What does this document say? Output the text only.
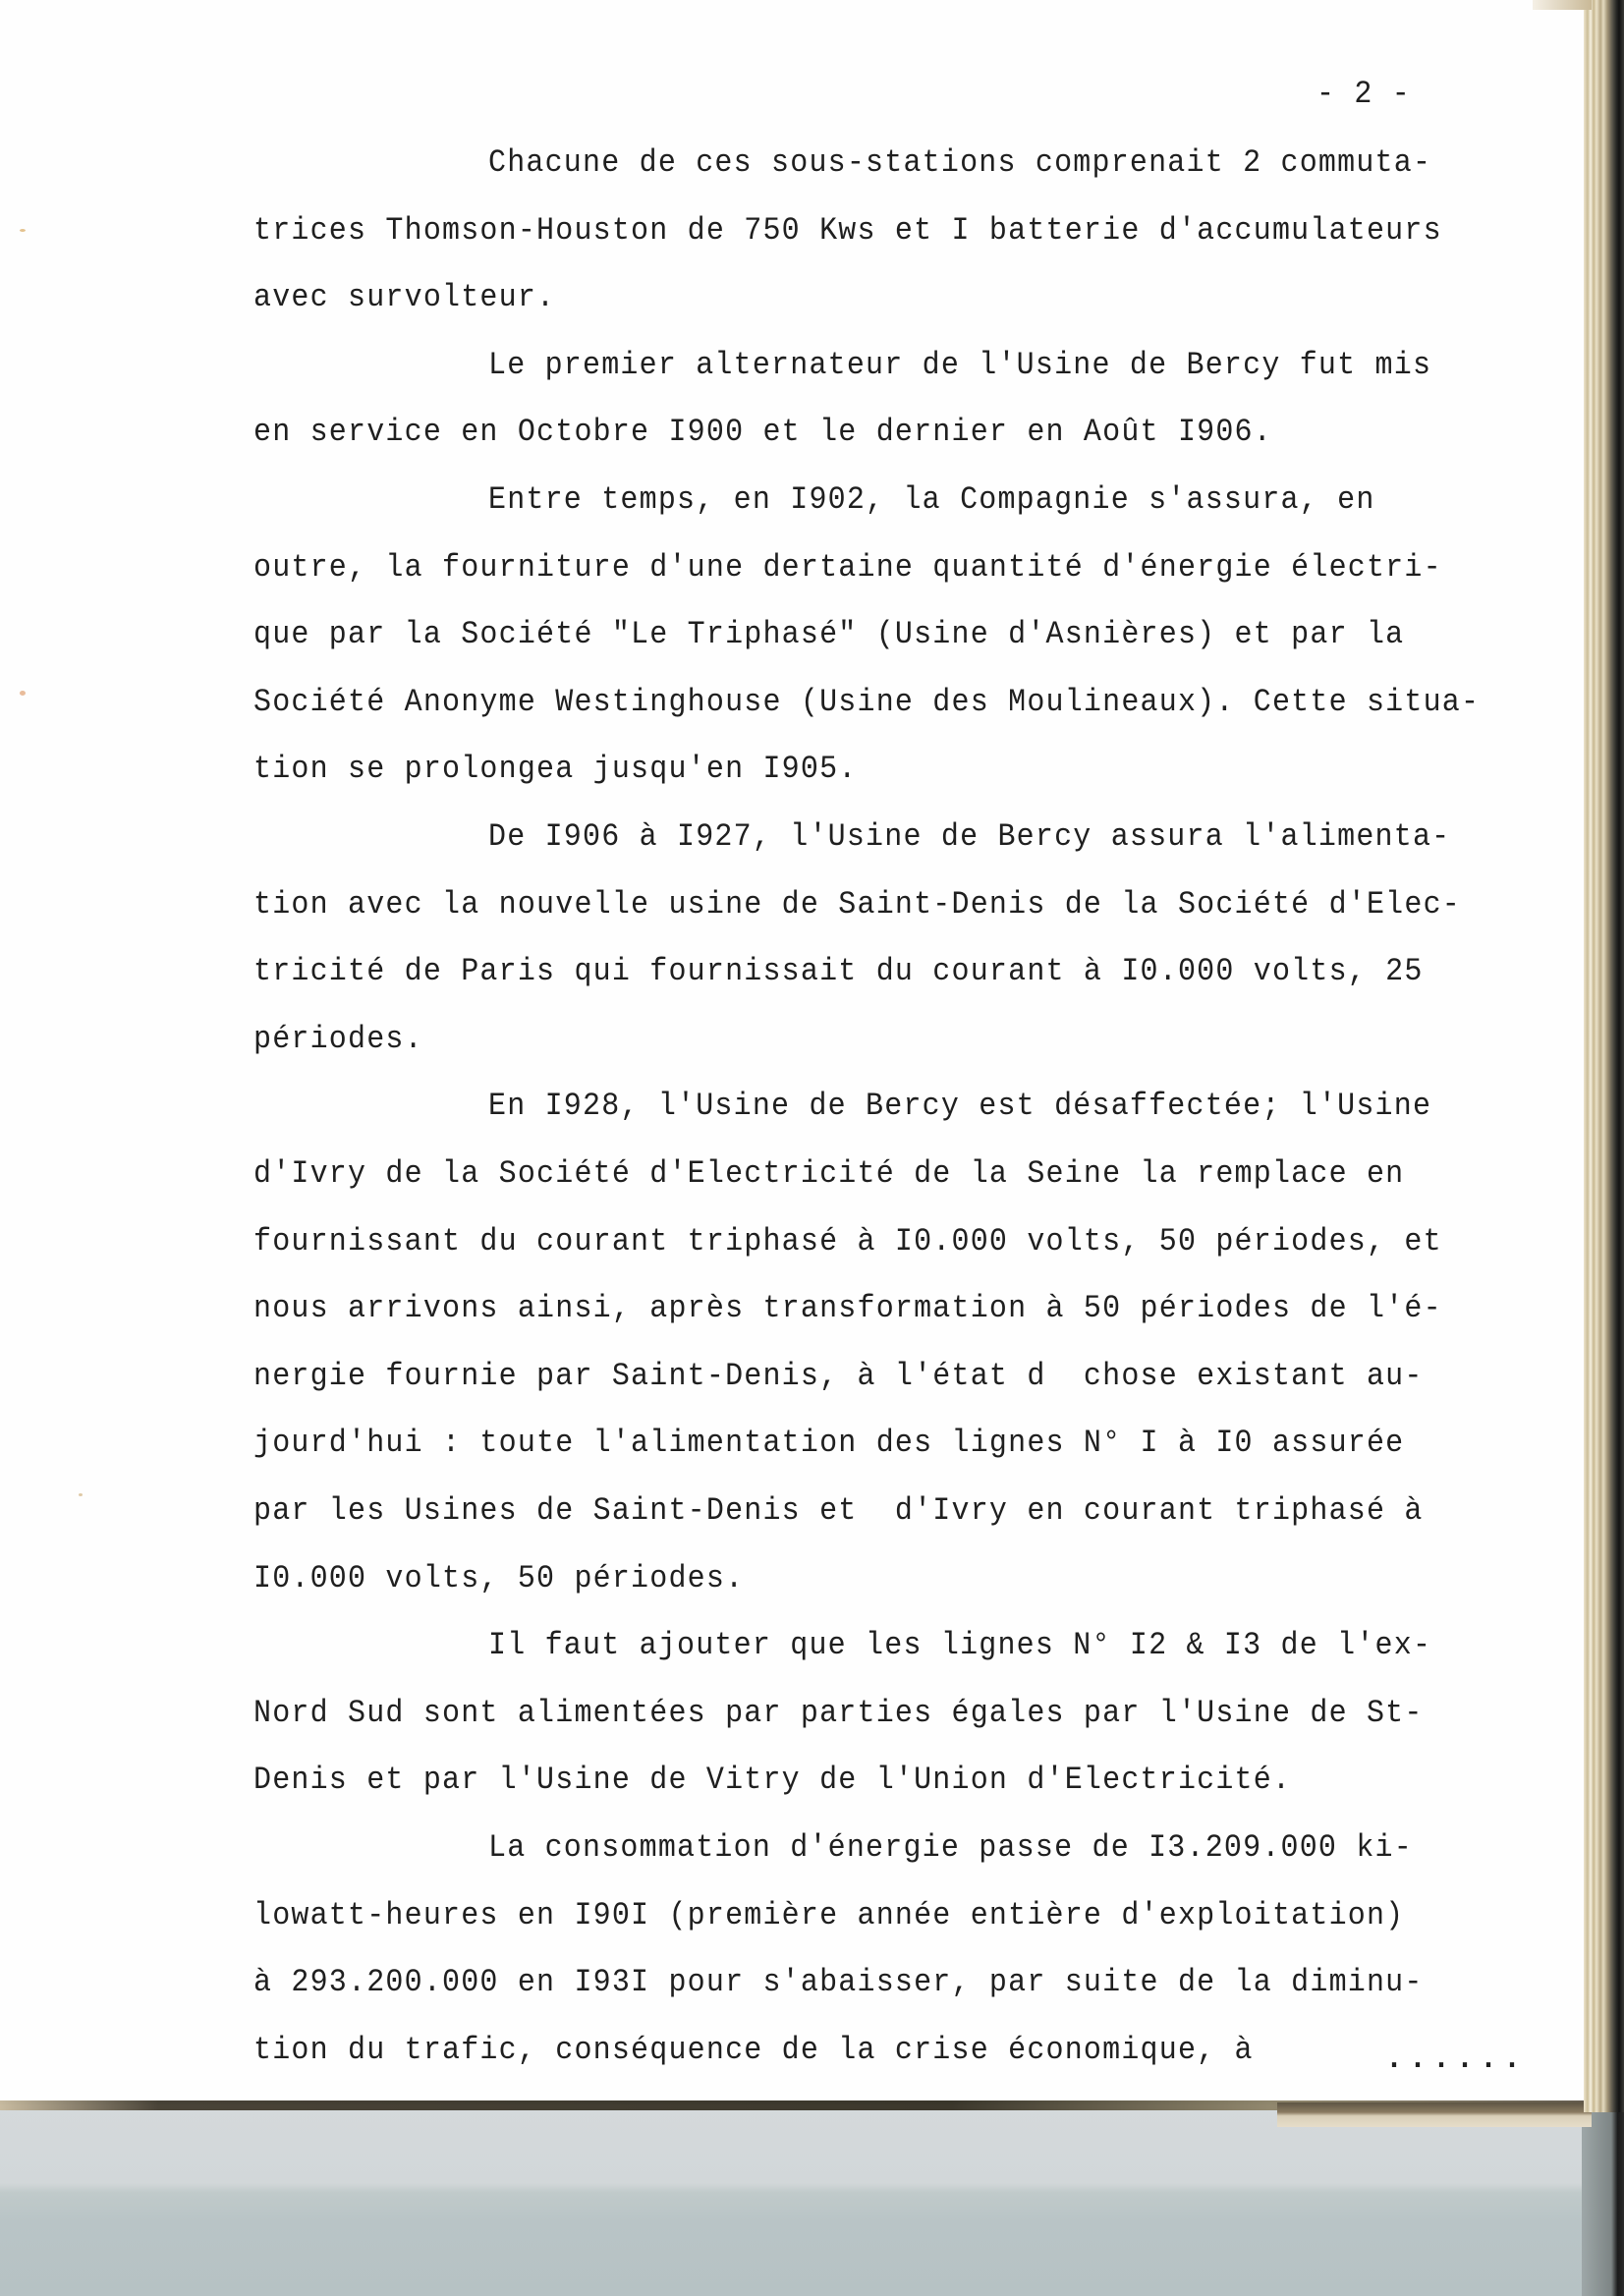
- 2 -
Chacune de ces sous-stations comprenait 2 commuta-
trices Thomson-Houston de 750 Kws et I batterie d'accumulateurs
avec survolteur.
Le premier alternateur de l'Usine de Bercy fut mis
en service en Octobre I900 et le dernier en Août I906.
Entre temps, en I902, la Compagnie s'assura, en
outre, la fourniture d'une dertaine quantité d'énergie électri-
que par la Société "Le Triphasé" (Usine d'Asnières) et par la
Société Anonyme Westinghouse (Usine des Moulineaux). Cette situa-
tion se prolongea jusqu'en I905.
De I906 à I927, l'Usine de Bercy assura l'alimenta-
tion avec la nouvelle usine de Saint-Denis de la Société d'Elec-
tricité de Paris qui fournissait du courant à I0.000 volts, 25
périodes.
En I928, l'Usine de Bercy est désaffectée; l'Usine
d'Ivry de la Société d'Electricité de la Seine la remplace en
fournissant du courant triphasé à I0.000 volts, 50 périodes, et
nous arrivons ainsi, après transformation à 50 périodes de l'é-
nergie fournie par Saint-Denis, à l'état d  chose existant au-
jourd'hui : toute l'alimentation des lignes N° I à I0 assurée
par les Usines de Saint-Denis et  d'Ivry en courant triphasé à
I0.000 volts, 50 périodes.
Il faut ajouter que les lignes N° I2 & I3 de l'ex-
Nord Sud sont alimentées par parties égales par l'Usine de St-
Denis et par l'Usine de Vitry de l'Union d'Electricité.
La consommation d'énergie passe de I3.209.000 ki-
lowatt-heures en I90I (première année entière d'exploitation)
à 293.200.000 en I93I pour s'abaisser, par suite de la diminu-
tion du trafic, conséquence de la crise économique, à	......
